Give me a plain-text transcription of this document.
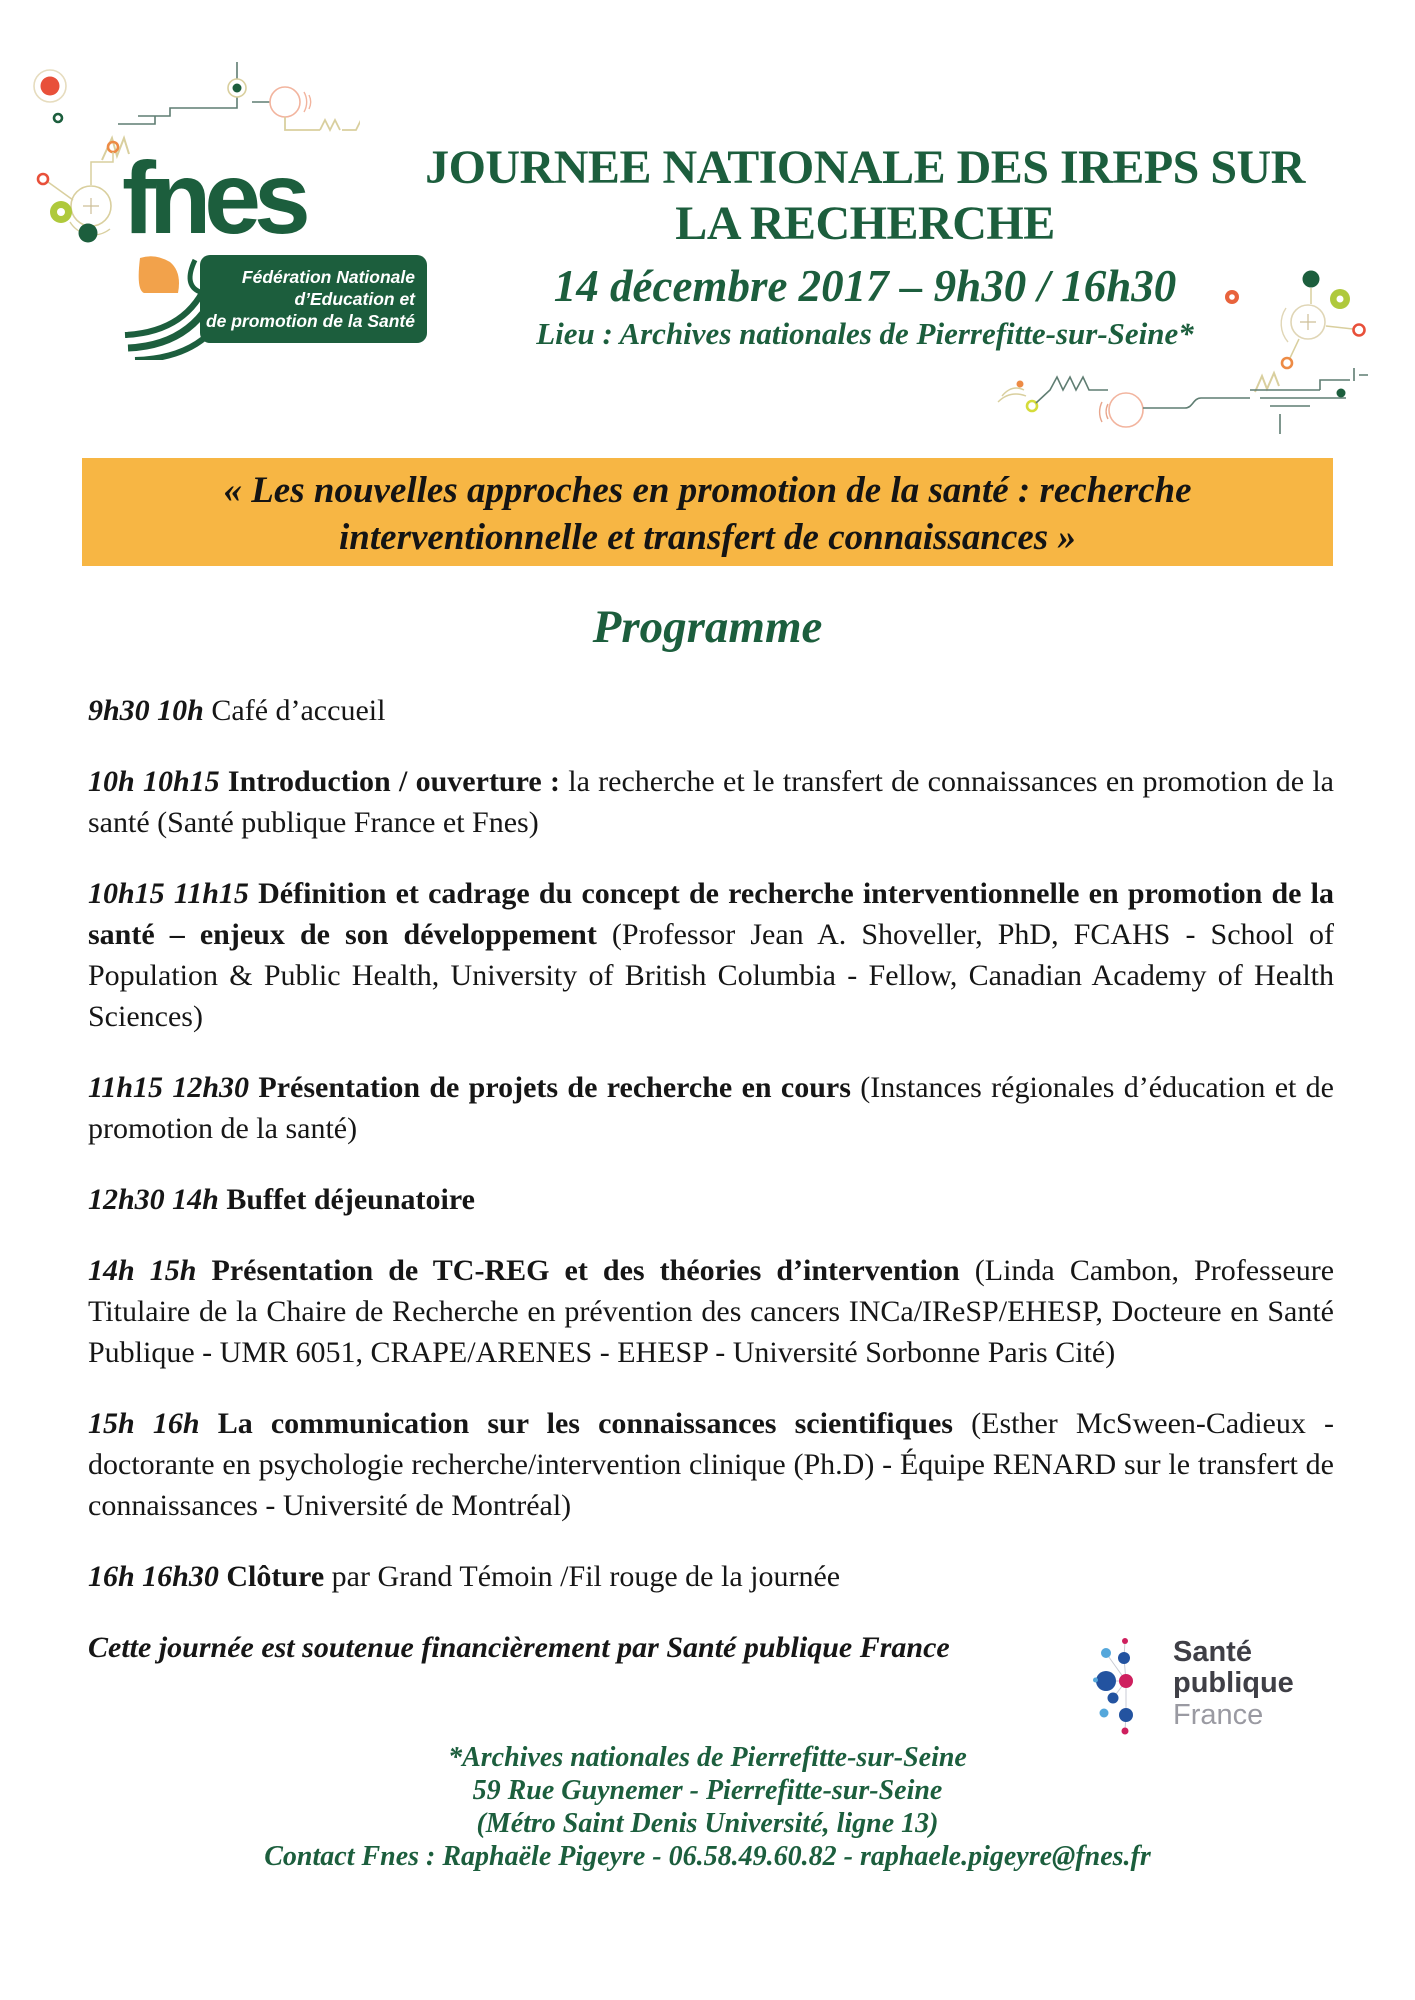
fnes
Fédération Nationale
d’Education et
de promotion de la Santé
JOURNEE NATIONALE DES IREPS SUR
LA RECHERCHE
14 décembre 2017 – 9h30 / 16h30
Lieu : Archives nationales de Pierrefitte-sur-Seine*
« Les nouvelles approches en promotion de la santé : recherche
interventionnelle et transfert de connaissances »
Programme

9h30 10h Café d’accueil

10h 10h15 Introduction / ouverture : la recherche et le transfert de connaissances en promotion de la santé (Santé publique France et Fnes)

10h15 11h15 Définition et cadrage du concept de recherche interventionnelle en promotion de la santé – enjeux de son développement (Professor Jean A. Shoveller, PhD, FCAHS - School of Population & Public Health, University of British Columbia - Fellow, Canadian Academy of Health Sciences)

11h15 12h30 Présentation de projets de recherche en cours (Instances régionales d’éducation et de promotion de la santé)

12h30 14h Buffet déjeunatoire

14h 15h Présentation de TC-REG et des théories d’intervention (Linda Cambon, Professeure Titulaire de la Chaire de Recherche en prévention des cancers INCa/IReSP/EHESP, Docteure en Santé Publique - UMR 6051, CRAPE/ARENES - EHESP - Université Sorbonne Paris Cité)

15h 16h La communication sur les connaissances scientifiques (Esther McSween-Cadieux - doctorante en psychologie recherche/intervention clinique (Ph.D) - Équipe RENARD sur le transfert de connaissances - Université de Montréal)

16h 16h30 Clôture par Grand Témoin /Fil rouge de la journée

Cette journée est soutenue financièrement par Santé publique France	Santé
publique
France
*Archives nationales de Pierrefitte-sur-Seine
59 Rue Guynemer - Pierrefitte-sur-Seine
(Métro Saint Denis Université, ligne 13)
Contact Fnes : Raphaële Pigeyre - 06.58.49.60.82 - raphaele.pigeyre@fnes.fr
